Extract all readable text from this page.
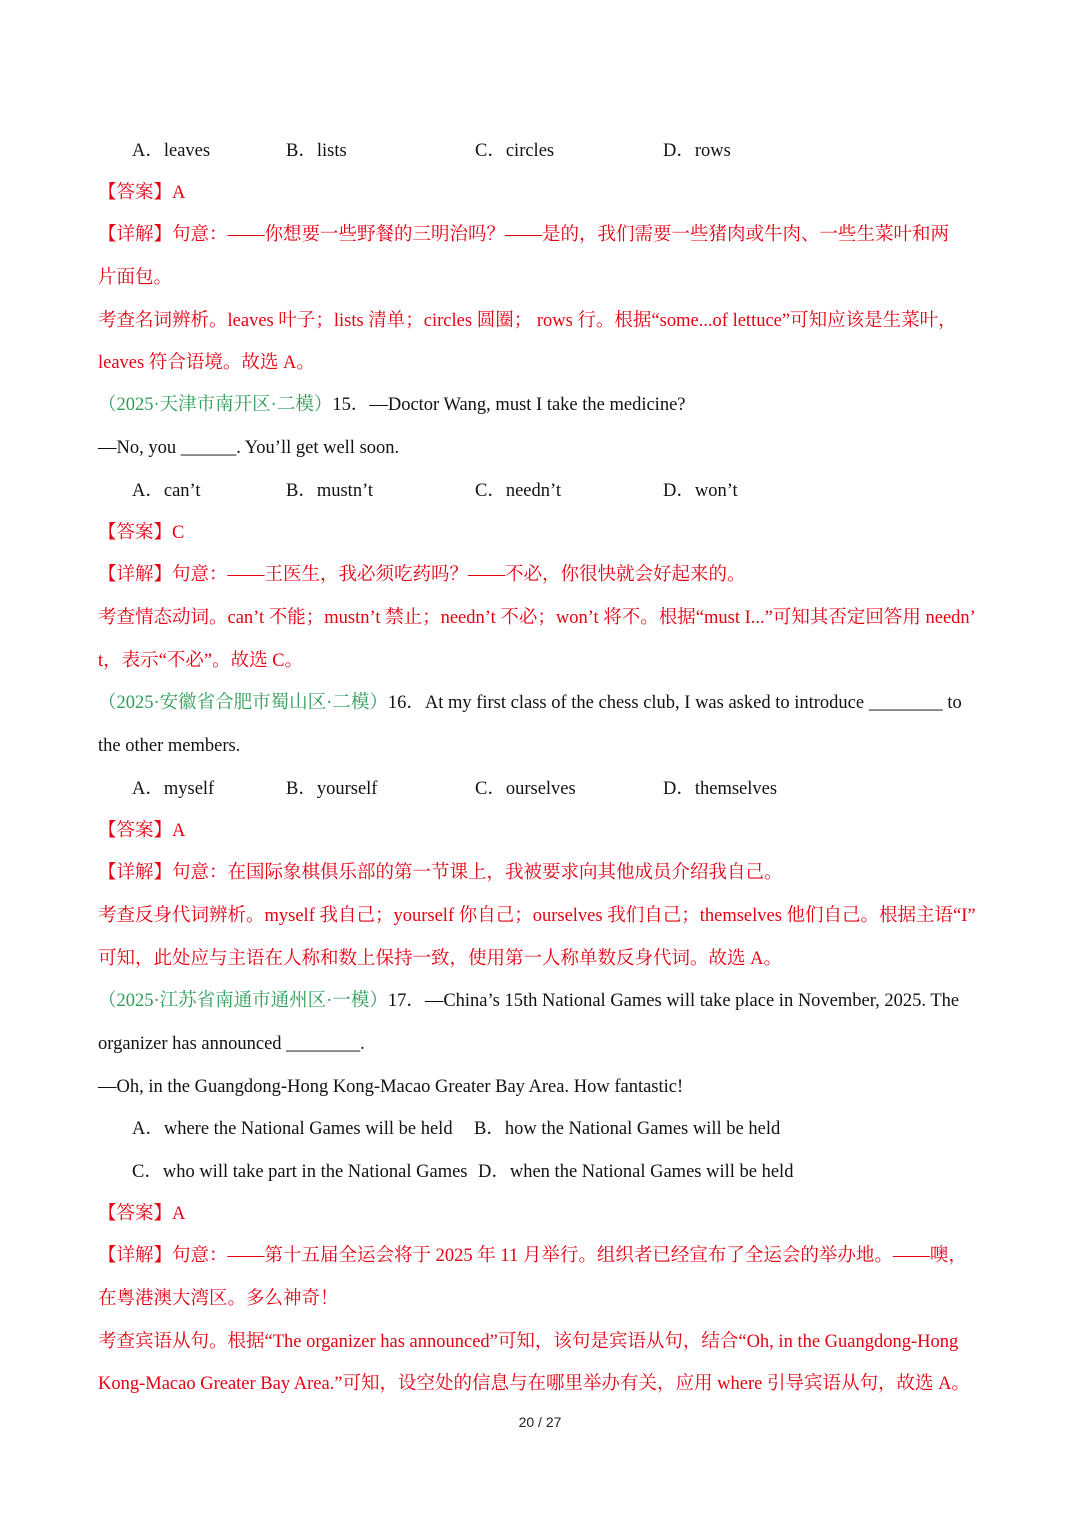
A．leaves	B．lists	C．circles	D．rows
【答案】A
【详解】句意：——你想要一些野餐的三明治吗？——是的，我们需要一些猪肉或牛肉、一些生菜叶和两
片面包。
考查名词辨析。leaves 叶子；lists 清单；circles 圆圈； rows 行。根据“some...of lettuce”可知应该是生菜叶，
leaves 符合语境。故选 A。
（2025·天津市南开区·二模）15．—Doctor Wang, must I take the medicine?
—No, you ______. You’ll get well soon.
A．can’t	B．mustn’t	C．needn’t	D．won’t
【答案】C
【详解】句意：——王医生，我必须吃药吗？——不必，你很快就会好起来的。
考查情态动词。can’t 不能；mustn’t 禁止；needn’t 不必；won’t 将不。根据“must I...”可知其否定回答用 needn’
t，表示“不必”。故选 C。
（2025·安徽省合肥市蜀山区·二模）16．At my first class of the chess club, I was asked to introduce ________ to
the other members.
A．myself	B．yourself	C．ourselves	D．themselves
【答案】A
【详解】句意：在国际象棋俱乐部的第一节课上，我被要求向其他成员介绍我自己。
考查反身代词辨析。myself 我自己；yourself 你自己；ourselves 我们自己；themselves 他们自己。根据主语“I”
可知，此处应与主语在人称和数上保持一致，使用第一人称单数反身代词。故选 A。
（2025·江苏省南通市通州区·一模）17．—China’s 15th National Games will take place in November, 2025. The
organizer has announced ________.
—Oh, in the Guangdong-Hong Kong-Macao Greater Bay Area. How fantastic!
A．where the National Games will be held B．how the National Games will be held
C．who will take part in the National Games D．when the National Games will be held
【答案】A
【详解】句意：——第十五届全运会将于 2025 年 11 月举行。组织者已经宣布了全运会的举办地。——噢，
在粤港澳大湾区。多么神奇！
考查宾语从句。根据“The organizer has announced”可知，该句是宾语从句，结合“Oh, in the Guangdong-Hong
Kong-Macao Greater Bay Area.”可知，设空处的信息与在哪里举办有关，应用 where 引导宾语从句，故选 A。
20 / 27
